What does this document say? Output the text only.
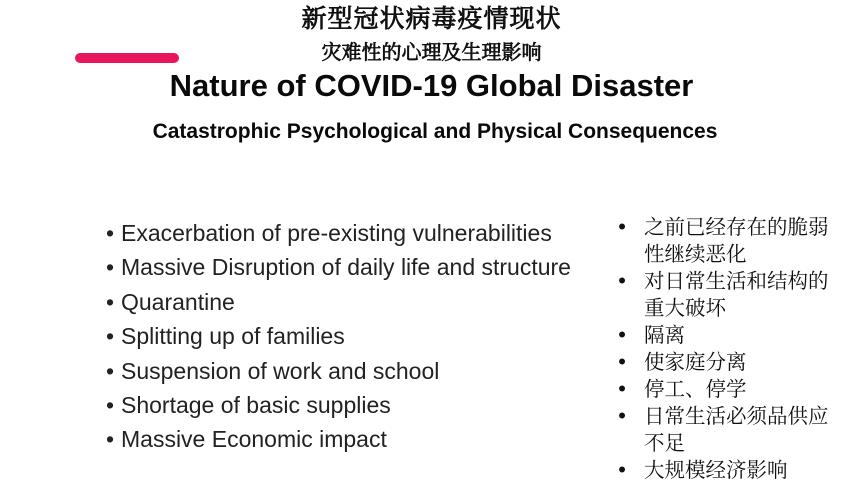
新型冠状病毒疫情现状
灾难性的心理及生理影响
Nature of COVID-19 Global Disaster
Catastrophic Psychological and Physical Consequences
• Exacerbation of pre-existing vulnerabilities
• Massive Disruption of daily life and structure
• Quarantine
• Splitting up of families
• Suspension of work and school
• Shortage of basic supplies
• Massive Economic impact
• 之前已经存在的脆弱性继续恶化
• 对日常生活和结构的重大破坏
• 隔离
• 使家庭分离
• 停工、停学
• 日常生活必须品供应不足
• 大规模经济影响
